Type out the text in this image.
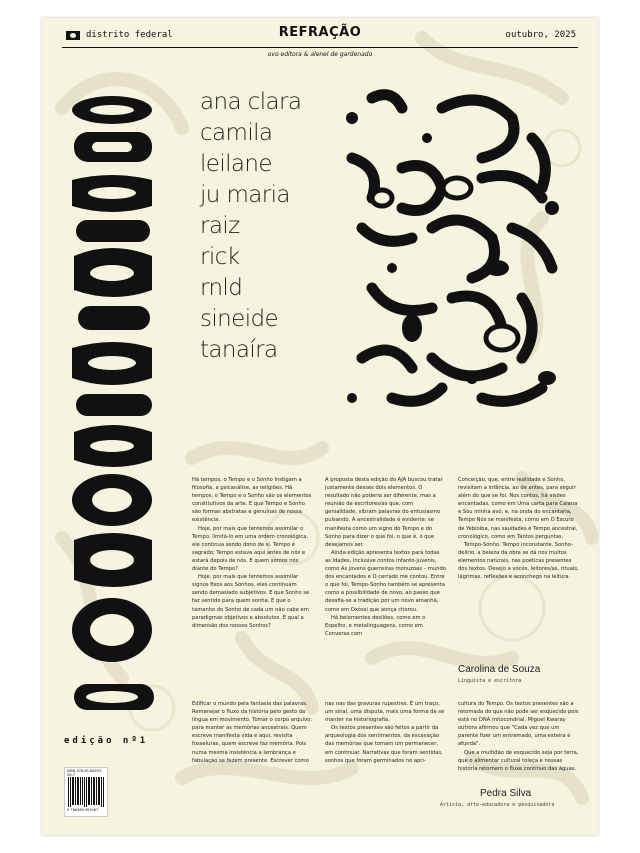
distrito federal	REFRAÇÃO	outubro, 2025
ovo editora & alenel de gardenado
edição nº1
ana clara
camila
leilane
ju maria
raiz
rick
rnld
sineide
tanaíra

Há tempos, o Tempo e o Sonho instigam a filosofia, a psicanálise, as religiões. Há tempos, o Tempo e o Sonho são os elementos constitutivos da arte. E que Tempo e Sonho são formas abstratas e genuínas de nossa existência.

Hoje, por mais que tentemos assimilar o Tempo, limitá-lo em uma ordem cronológica, ele continua sendo dono de si. Tempo é sagrado; Tempo estava aqui antes de nós e estará depois de nós. E quem somos nós diante do Tempo?

Hoje, por mais que tentemos assimilar signos fixos aos Sonhos, eles continuam sendo demasiado subjetivos. E que Sonho se faz sentido para quem sonha. E que o tamanho do Sonho de cada um não cabe em paradigmas objetivos e absolutos. E qual a dimensão dos nossos Sonhos?

A proposta desta edição do AJA buscou tratar justamente desses dois elementos. O resultado não poderia ser diferente, mas a reunião de escritores/as que, com genialidade, vibram palavras do entusiasmo pulsando. A ancestralidade é evidente: se manifesta como um signo do Tempo e do Sonho para dizer o que foi, o que é, o que desejamos ser.

Ainda edição apresenta textos para todas as idades, inclusive contos infanto-juvenis, como As jovens guerreiras monuzoas – mundo dos encantados e O cerrado me contou. Entre o que foi, Tempo-Sonho também se apresenta como a possibilidade de novo, ao passo que desafia-se a tradição por um novo amanhã, como em Oxóssi que aonça chorou.

Há belomentes desilões, como em o Espelho, e metalinguagens, como em Conversa com

Conceição, que, entre realidade e Sonho, revisitam a infância, ao de antes, para seguir além do que se foi. Nos contos, há visões encantadas, como em Uma carta para Caiana e Sou minha avó, e, na onda do encantaria, Tempo Nós se manifesta, como em O Escuro de Yebloiba, nas saudades e Tempo ancestral, cronológico, como em Tantos perguntas.

Tempo-Sonho. Tempo inconstante. Sonho-delírio, a beleza da obra se dá nos muitos elementos naturais, nas poéticas presentes dos textos. Desejo a vocês, leitores/as, rituais, lágrimas, reflexões e aconchego na leitura.

Carolina de Souza
Linguista e escritora

Edificar o mundo pela fantasia das palavras. Remanejar o fluxo da história pelo gesto da língua em movimento. Tomar o corpo arquivo: para manter as memórias ancestrais. Quem escreve manifesta vida e aqui, revisita fosseluras, quem escreve faz memória. Pois numa mesma insistência a lembrança e fabulação se fazem presente. Escrever como

nas nas das gravuras rupestres. É um traço, um sinal, uma disputa, mais uma forma de se manter na historiografia.

Os textos presentes são feitos a partir da arqueologia dos sentimentos, da escavação das memórias que tomam um permanecer, em continuar. Narrativas que foram sentidas, sonhos que foram germinados no apri-

cultura do Tempo. Os textos presentes são a retomada do que não pode ser esquecido pois está no DNA mitocondrial. Miguel Kwaray outrora afirmou que "Cada vez que um parente fizer um entremado, uma esteira é afunda".

Que a multidão de esquecido seja por terra, que o alimentar cultural toleça e nossas história retornem o fluxe contínuo das águas.

Pedra Silva
Artista, arte-educadora e pesquisadora
ISBN 978-65-88493-06-7
9 786588 493067
